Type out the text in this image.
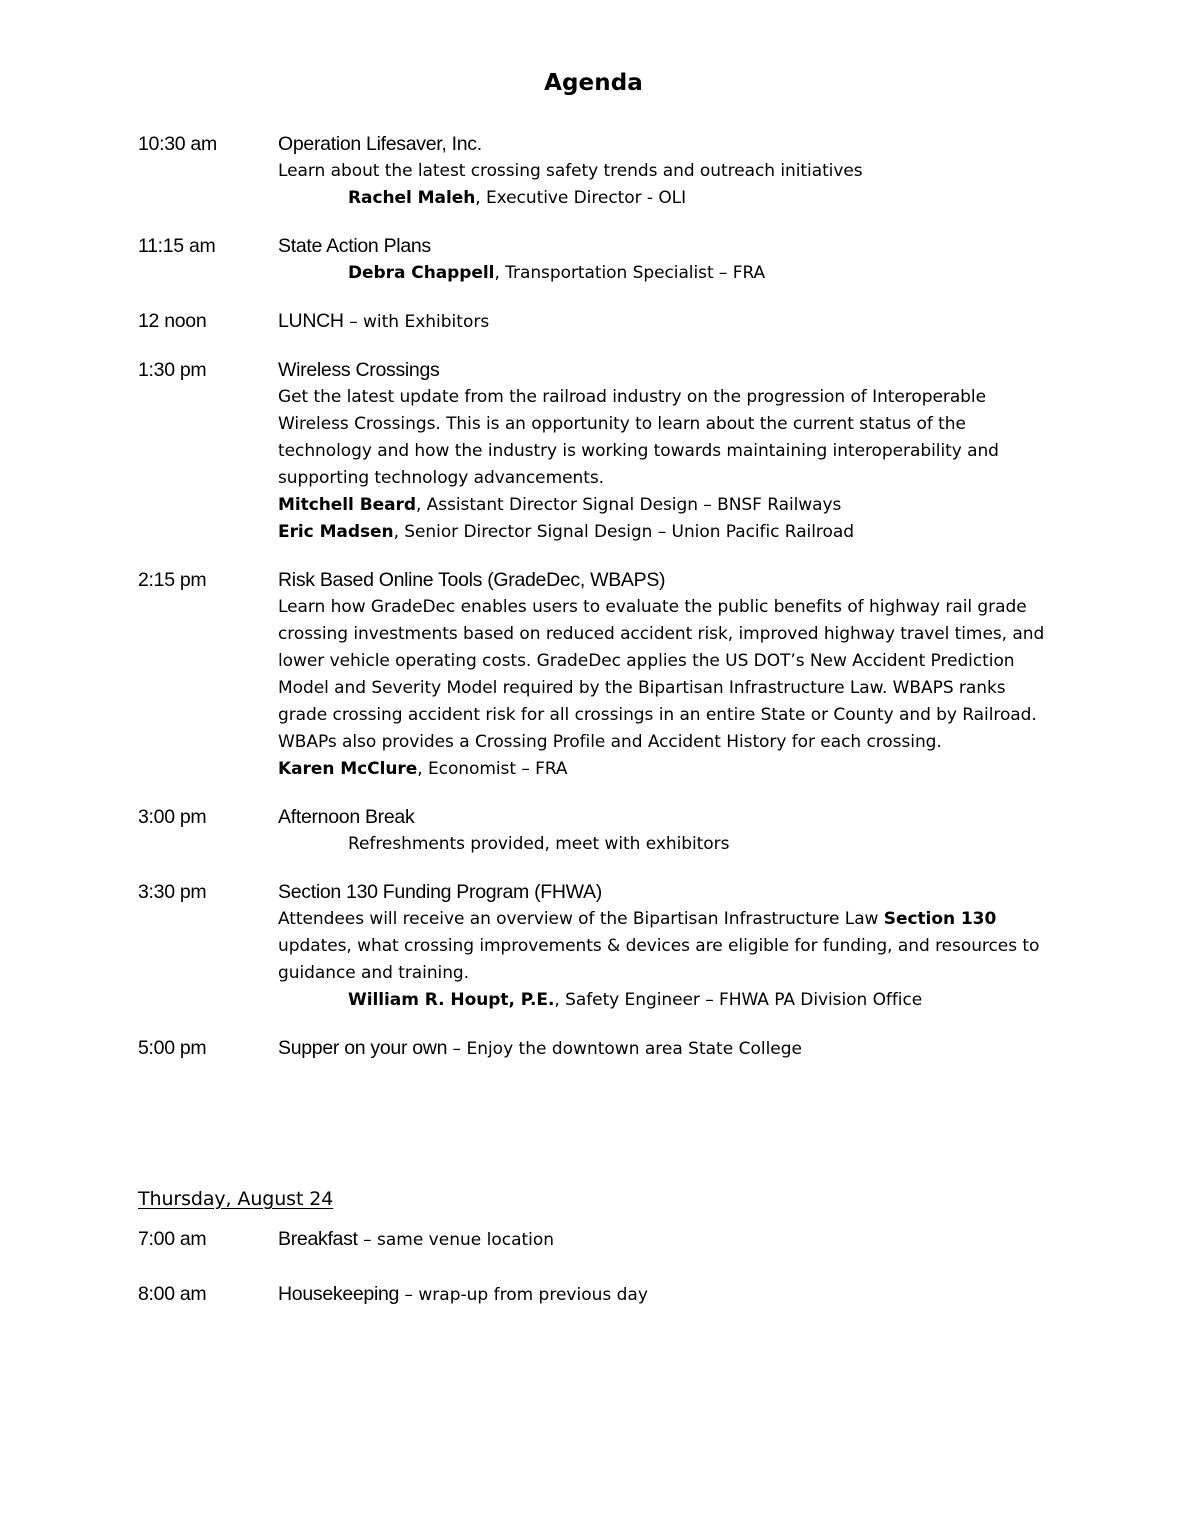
Agenda
10:30 am	Operation Lifesaver, Inc.
Learn about the latest crossing safety trends and outreach initiatives
Rachel Maleh, Executive Director - OLI
11:15 am	State Action Plans
Debra Chappell, Transportation Specialist – FRA
12 noon	LUNCH – with Exhibitors
1:30 pm	Wireless Crossings
Get the latest update from the railroad industry on the progression of Interoperable Wireless Crossings. This is an opportunity to learn about the current status of the technology and how the industry is working towards maintaining interoperability and supporting technology advancements.
Mitchell Beard, Assistant Director Signal Design – BNSF Railways
Eric Madsen, Senior Director Signal Design – Union Pacific Railroad
2:15 pm	Risk Based Online Tools (GradeDec, WBAPS)
Learn how GradeDec enables users to evaluate the public benefits of highway rail grade crossing investments based on reduced accident risk, improved highway travel times, and lower vehicle operating costs. GradeDec applies the US DOT’s New Accident Prediction Model and Severity Model required by the Bipartisan Infrastructure Law. WBAPS ranks grade crossing accident risk for all crossings in an entire State or County and by Railroad. WBAPs also provides a Crossing Profile and Accident History for each crossing.
Karen McClure, Economist – FRA
3:00 pm	Afternoon Break
Refreshments provided, meet with exhibitors
3:30 pm	Section 130 Funding Program (FHWA)
Attendees will receive an overview of the Bipartisan Infrastructure Law Section 130 updates, what crossing improvements & devices are eligible for funding, and resources to guidance and training.
William R. Houpt, P.E., Safety Engineer – FHWA PA Division Office
5:00 pm	Supper on your own – Enjoy the downtown area State College
Thursday, August 24
7:00 am	Breakfast – same venue location
8:00 am	Housekeeping – wrap-up from previous day
